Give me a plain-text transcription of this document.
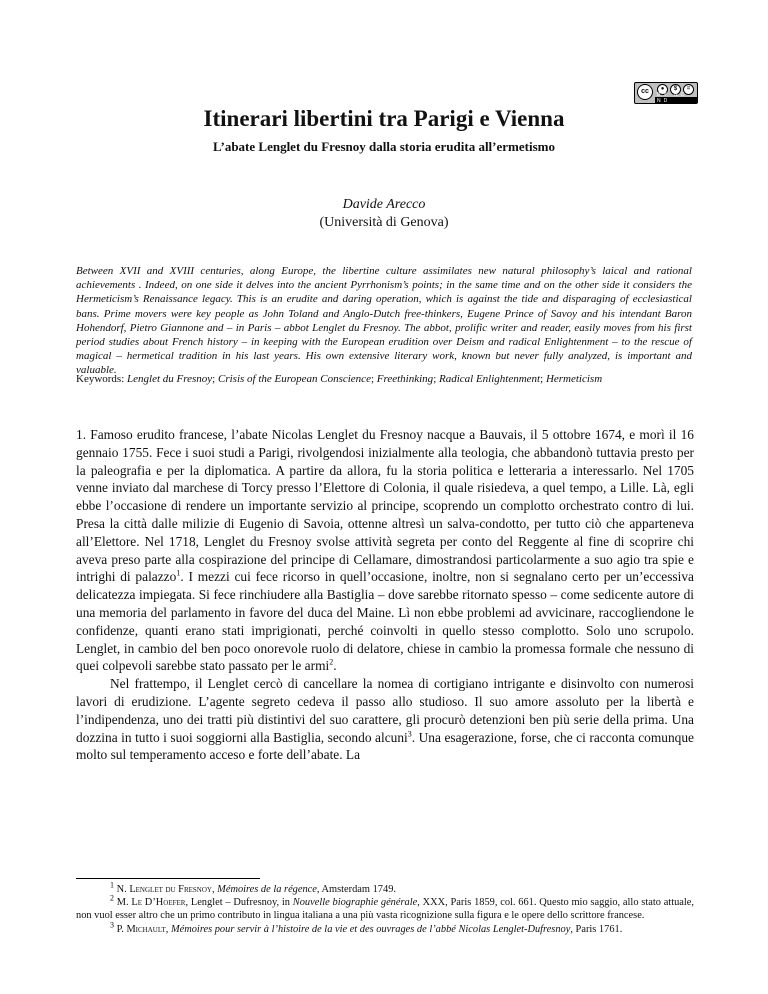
cc	●	$	=
BY NC ND
Itinerari libertini tra Parigi e Vienna
L’abate Lenglet du Fresnoy dalla storia erudita all’ermetismo
Davide Arecco
(Università di Genova)

Between XVII and XVIII centuries, along Europe, the libertine culture assimilates new natural philosophy’s laical and rational achievements . Indeed, on one side it delves into the ancient Pyrrhonism’s points; in the same time and on the other side it considers the Hermeticism’s Renaissance legacy. This is an erudite and daring operation, which is against the tide and disparaging of ecclesiastical bans. Prime movers were key people as John Toland and Anglo-Dutch free-thinkers, Eugene Prince of Savoy and his intendant Baron Hohendorf, Pietro Giannone and – in Paris – abbot Lenglet du Fresnoy. The abbot, prolific writer and reader, easily moves from his first period studies about French history – in keeping with the European erudition over Deism and radical Enlightenment – to the rescue of magical – hermetical tradition in his last years. His own extensive literary work, known but never fully analyzed, is important and valuable.

Keywords: Lenglet du Fresnoy; Crisis of the European Conscience; Freethinking; Radical Enlightenment; Hermeticism

1. Famoso erudito francese, l’abate Nicolas Lenglet du Fresnoy nacque a Bauvais, il 5 ottobre 1674, e morì il 16 gennaio 1755. Fece i suoi studi a Parigi, rivolgendosi inizialmente alla teologia, che abbandonò tuttavia presto per la paleografia e per la diplomatica. A partire da allora, fu la storia politica e letteraria a interessarlo. Nel 1705 venne inviato dal marchese di Torcy presso l’Elettore di Colonia, il quale risiedeva, a quel tempo, a Lille. Là, egli ebbe l’occasione di rendere un importante servizio al principe, scoprendo un complotto orchestrato contro di lui. Presa la città dalle milizie di Eugenio di Savoia, ottenne altresì un salva-condotto, per tutto ciò che apparteneva all’Elettore. Nel 1718, Lenglet du Fresnoy svolse attività segreta per conto del Reggente al fine di scoprire chi aveva preso parte alla cospirazione del principe di Cellamare, dimostrandosi particolarmente a suo agio tra spie e intrighi di palazzo$^1$. I mezzi cui fece ricorso in quell’occasione, inoltre, non si segnalano certo per un’eccessiva delicatezza impiegata. Si fece rinchiudere alla Bastiglia – dove sarebbe ritornato spesso – come sedicente autore di una memoria del parlamento in favore del duca del Maine. Lì non ebbe problemi ad avvicinare, raccogliendone le confidenze, quanti erano stati imprigionati, perché coinvolti in quello stesso complotto. Solo uno scrupolo. Lenglet, in cambio del ben poco onorevole ruolo di delatore, chiese in cambio la promessa formale che nessuno di quei colpevoli sarebbe stato passato per le armi$^2$.

Nel frattempo, il Lenglet cercò di cancellare la nomea di cortigiano intrigante e disinvolto con numerosi lavori di erudizione. L’agente segreto cedeva il passo allo studioso. Il suo amore assoluto per la libertà e l’indipendenza, uno dei tratti più distintivi del suo carattere, gli procurò detenzioni ben più serie della prima. Una dozzina in tutto i suoi soggiorni alla Bastiglia, secondo alcuni$^3$. Una esagerazione, forse, che ci racconta comunque molto sul temperamento acceso e forte dell’abate. La

$^1$ N. Lenglet du Fresnoy, Mémoires de la régence, Amsterdam 1749.

$^2$ M. Le D’Hoefer, Lenglet – Dufresnoy, in Nouvelle biographie générale, XXX, Paris 1859, col. 661. Questo mio saggio, allo stato attuale, non vuol esser altro che un primo contributo in lingua italiana a una più vasta ricognizione sulla figura e le opere dello scrittore francese.

$^3$ P. Michault, Mémoires pour servir à l’histoire de la vie et des ouvrages de l’abbé Nicolas Lenglet-Dufresnoy, Paris 1761.
